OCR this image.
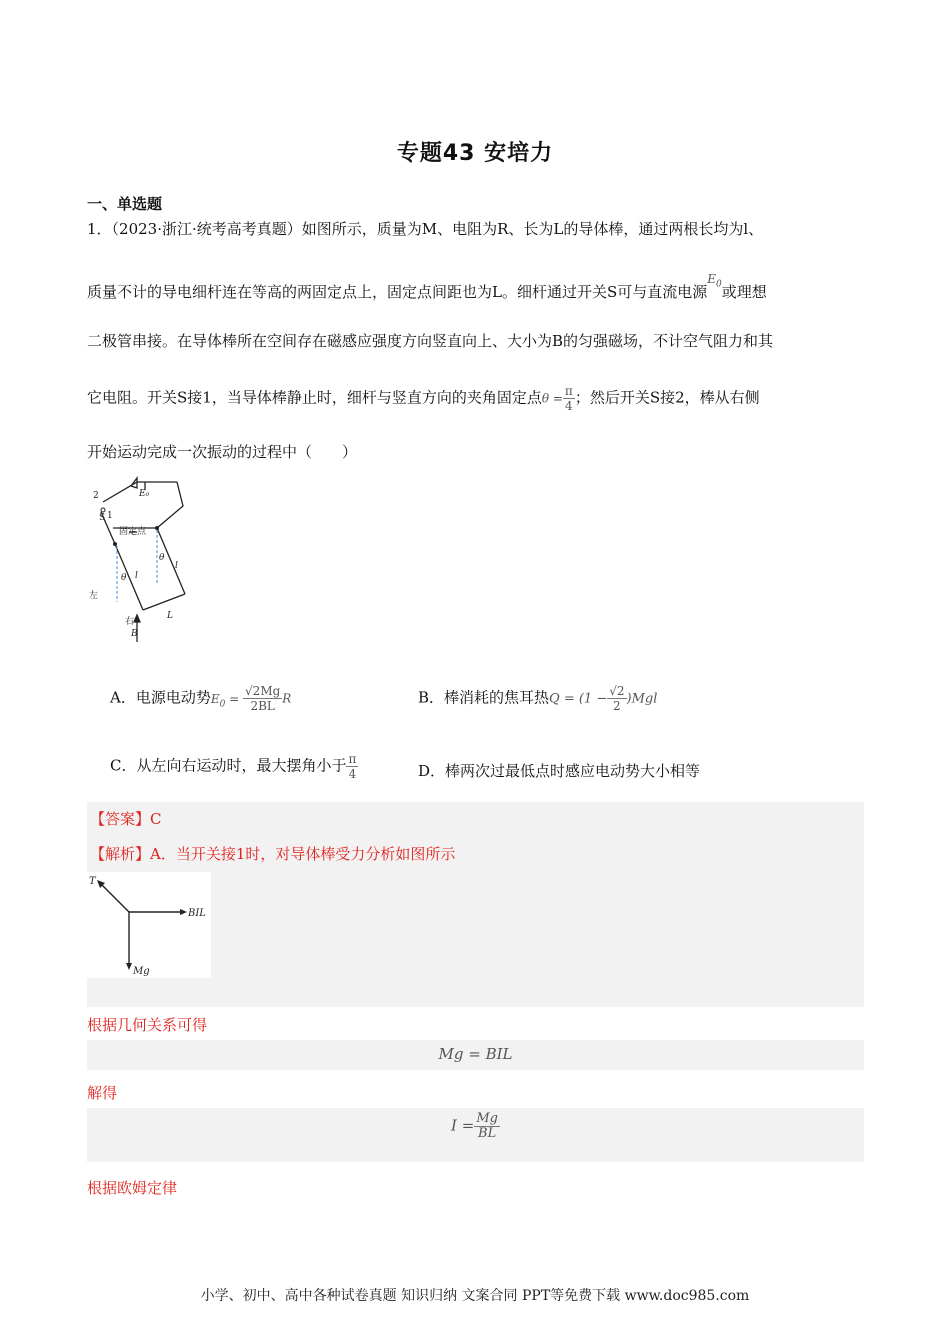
专题43 安培力
一、单选题
1．（2023·浙江·统考高考真题）如图所示，质量为M、电阻为R、长为L的导体棒，通过两根长均为l、
质量不计的导电细杆连在等高的两固定点上，固定点间距也为L。细杆通过开关S可与直流电源$^{E_0}$或理想
二极管串接。在导体棒所在空间存在磁感应强度方向竖直向上、大小为B的匀强磁场，不计空气阻力和其
它电阻。开关S接1，当导体棒静止时，细杆与竖直方向的夹角固定点$\theta = \frac{\pi}{4}$ ；然后开关S接2，棒从右侧
开始运动完成一次振动的过程中（　　）
2
1
S
E₀
固定点
θ
θ
l
l
左
右
B
L
A．电源电动势$E_0 = \frac{√2Mg}{2BL}$ R	B．棒消耗的焦耳热$Q = (1 - \frac{√2}{2} )Mgl$
C．从左向右运动时，最大摆角小于 $\frac{\pi}{4}$	D．棒两次过最低点时感应电动势大小相等
【答案】C
【解析】A．当开关接1时，对导体棒受力分析如图所示
T
BIL
Mg
根据几何关系可得
Mg = BIL
解得
$I = \frac{Mg}{BL}$
根据欧姆定律
小学、初中、高中各种试卷真题 知识归纳 文案合同 PPT等免费下载 www.doc985.com
